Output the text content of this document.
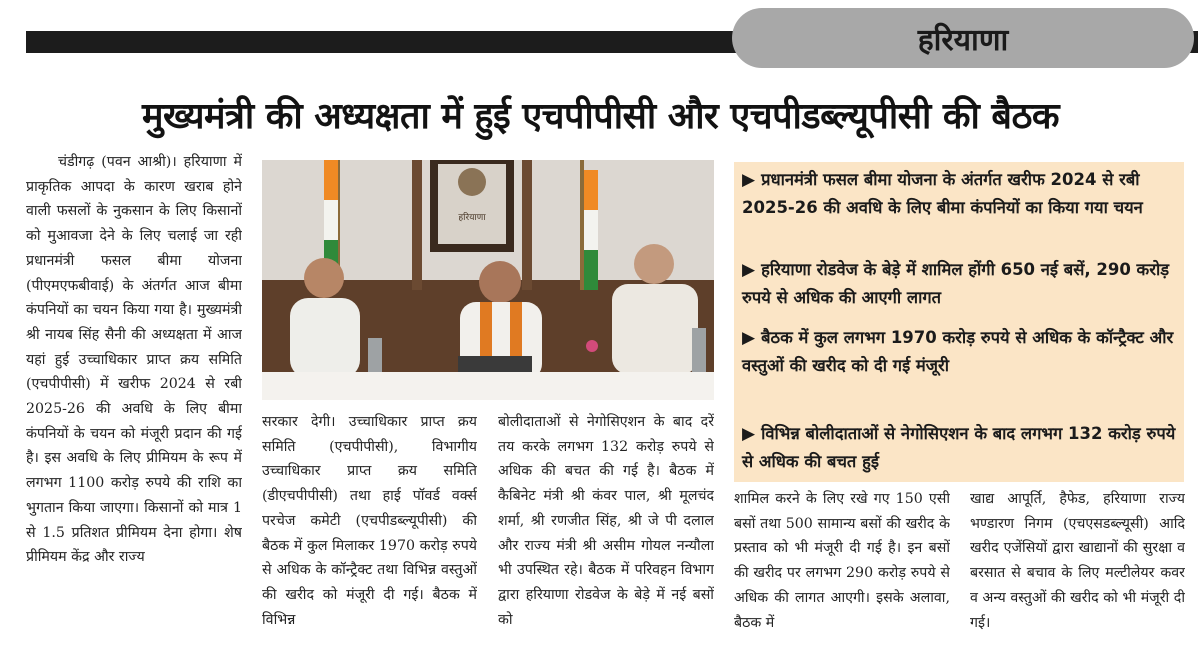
हरियाणा
मुख्यमंत्री की अध्यक्षता में हुई एचपीपीसी और एचपीडब्ल्यूपीसी की बैठक

चंडीगढ़ (पवन आश्री)। हरियाणा में प्राकृतिक आपदा के कारण खराब होने वाली फसलों के नुकसान के लिए किसानों को मुआवजा देने के लिए चलाई जा रही प्रधानमंत्री फसल बीमा योजना (पीएमएफबीवाई) के अंतर्गत आज बीमा कंपनियों का चयन किया गया है। मुख्यमंत्री श्री नायब सिंह सैनी की अध्यक्षता में आज यहां हुई उच्चाधिकार प्राप्त क्रय समिति (एचपीपीसी) में खरीफ 2024 से रबी 2025-26 की अवधि के लिए बीमा कंपनियों के चयन को मंजूरी प्रदान की गई है। इस अवधि के लिए प्रीमियम के रूप में लगभग 1100 करोड़ रुपये की राशि का भुगतान किया जाएगा। किसानों को मात्र 1 से 1.5 प्रतिशत प्रीमियम देना होगा। शेष प्रीमियम केंद्र और राज्य

हरियाणा

सरकार देगी। उच्चाधिकार प्राप्त क्रय समिति (एचपीपीसी), विभागीय उच्चाधिकार प्राप्त क्रय समिति (डीएचपीपीसी) तथा हाई पॉवर्ड वर्क्स परचेज कमेटी (एचपीडब्ल्यूपीसी) की बैठक में कुल मिलाकर 1970 करोड़ रुपये से अधिक के कॉन्ट्रैक्ट तथा विभिन्न वस्तुओं की खरीद को मंजूरी दी गई। बैठक में विभिन्न

बोलीदाताओं से नेगोसिएशन के बाद दरें तय करके लगभग 132 करोड़ रुपये से अधिक की बचत की गई है। बैठक में कैबिनेट मंत्री श्री कंवर पाल, श्री मूलचंद शर्मा, श्री रणजीत सिंह, श्री जे पी दलाल और राज्य मंत्री श्री असीम गोयल नन्यौला भी उपस्थित रहे। बैठक में परिवहन विभाग द्वारा हरियाणा रोडवेज के बेड़े में नई बसों को

▶ प्रधानमंत्री फसल बीमा योजना के अंतर्गत खरीफ 2024 से रबी 2025-26 की अवधि के लिए बीमा कंपनियों का किया गया चयन
▶ हरियाणा रोडवेज के बेड़े में शामिल होंगी 650 नई बसें, 290 करोड़ रुपये से अधिक की आएगी लागत
▶ बैठक में कुल लगभग 1970 करोड़ रुपये से अधिक के कॉन्ट्रैक्ट और वस्तुओं की खरीद को दी गई मंजूरी
▶ विभिन्न बोलीदाताओं से नेगोसिएशन के बाद लगभग 132 करोड़ रुपये से अधिक की बचत हुई

शामिल करने के लिए रखे गए 150 एसी बसों तथा 500 सामान्य बसों की खरीद के प्रस्ताव को भी मंजूरी दी गई है। इन बसों की खरीद पर लगभग 290 करोड़ रुपये से अधिक की लागत आएगी। इसके अलावा, बैठक में

खाद्य आपूर्ति, हैफेड, हरियाणा राज्य भण्डारण निगम (एचएसडब्ल्यूसी) आदि खरीद एजेंसियों द्वारा खाद्यानों की सुरक्षा व बरसात से बचाव के लिए मल्टीलेयर कवर व अन्य वस्तुओं की खरीद को भी मंजूरी दी गई।
